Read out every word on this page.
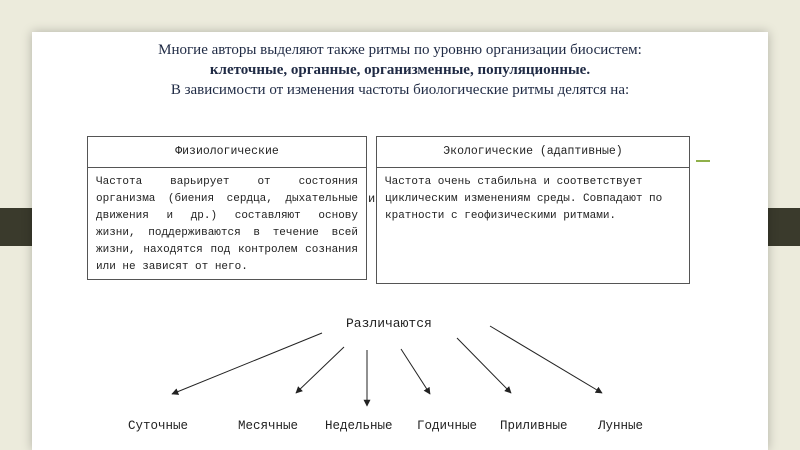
Многие авторы выделяют также ритмы по уровню организации биосистем:
клеточные, органные, организменные, популяционные.
В зависимости от изменения частоты биологические ритмы делятся на:
Физиологические
Частота варьирует от состояния организма (биения сердца, дыхательные движения и др.) составляют основу жизни, поддерживаются в течение всей жизни, находятся под контролем сознания или не зависят от него.
и
Экологические (адаптивные)
Частота очень стабильна и соответствует циклическим изменениям среды. Совпадают по кратности с геофизическими ритмами.
Различаются
Суточные	Месячные Недельные Годичные Приливные Лунные
